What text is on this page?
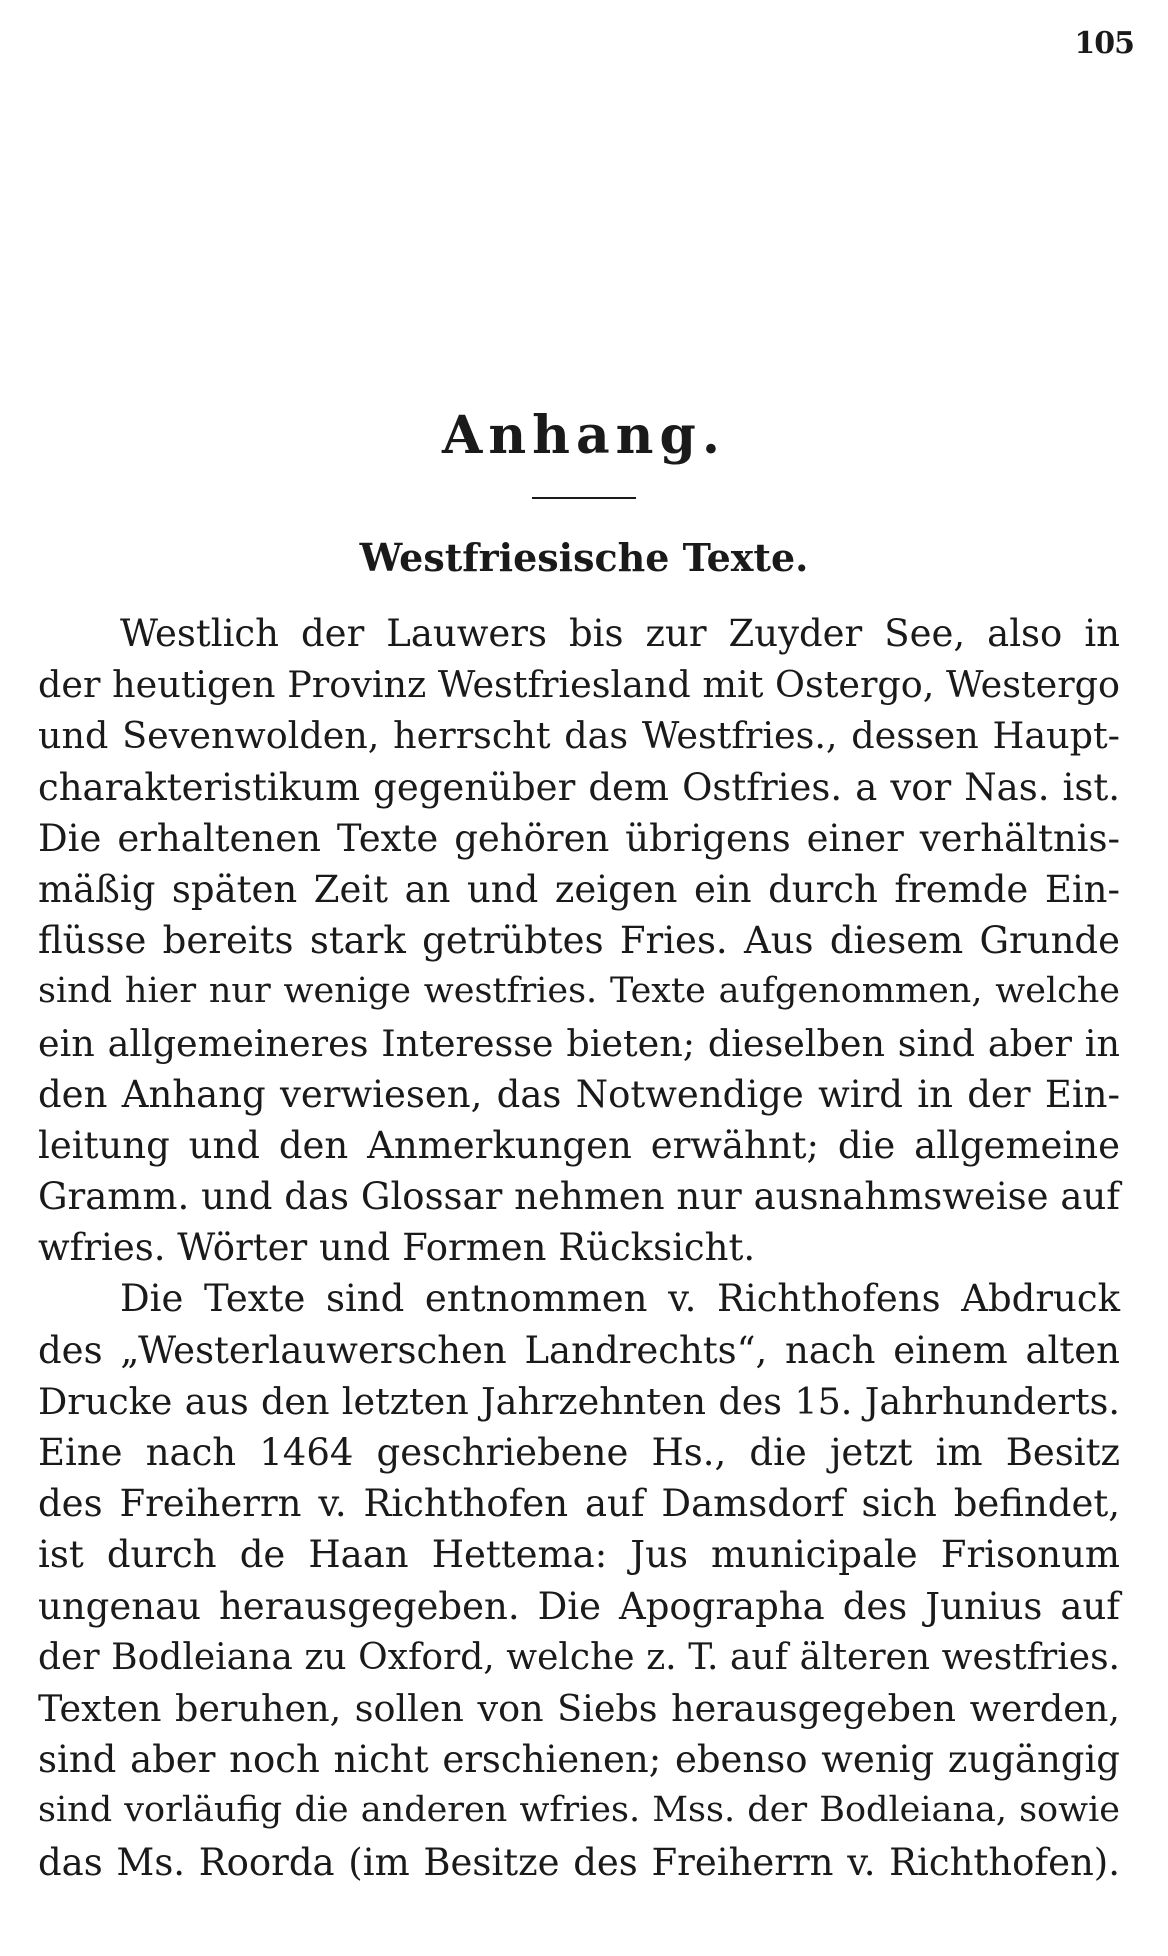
105
Anhang.
Westfriesische Texte.
Westlich der Lauwers bis zur Zuyder See, also in
der heutigen Provinz Westfriesland mit Ostergo, Westergo
und Sevenwolden, herrscht das Westfries., dessen Haupt-
charakteristikum gegenüber dem Ostfries. a vor Nas. ist.
Die erhaltenen Texte gehören übrigens einer verhältnis-
mäßig späten Zeit an und zeigen ein durch fremde Ein-
flüsse bereits stark getrübtes Fries. Aus diesem Grunde
sind hier nur wenige westfries. Texte aufgenommen, welche
ein allgemeineres Interesse bieten; dieselben sind aber in
den Anhang verwiesen, das Notwendige wird in der Ein-
leitung und den Anmerkungen erwähnt; die allgemeine
Gramm. und das Glossar nehmen nur ausnahmsweise auf
wfries. Wörter und Formen Rücksicht.
Die Texte sind entnommen v. Richthofens Abdruck
des „Westerlauwerschen Landrechts“, nach einem alten
Drucke aus den letzten Jahrzehnten des 15. Jahrhunderts.
Eine nach 1464 geschriebene Hs., die jetzt im Besitz
des Freiherrn v. Richthofen auf Damsdorf sich befindet,
ist durch de Haan Hettema: Jus municipale Frisonum
ungenau herausgegeben. Die Apographa des Junius auf
der Bodleiana zu Oxford, welche z. T. auf älteren westfries.
Texten beruhen, sollen von Siebs herausgegeben werden,
sind aber noch nicht erschienen; ebenso wenig zugängig
sind vorläufig die anderen wfries. Mss. der Bodleiana, sowie
das Ms. Roorda (im Besitze des Freiherrn v. Richthofen).
